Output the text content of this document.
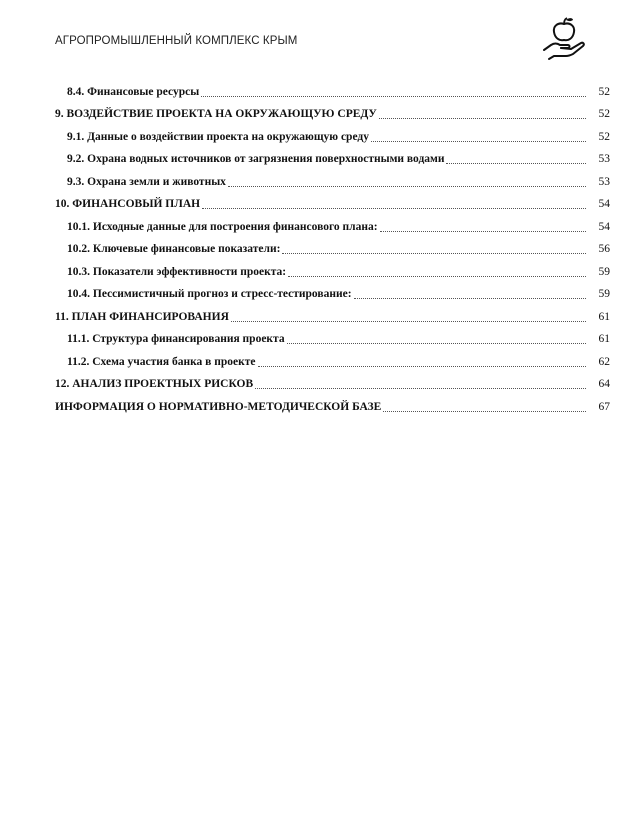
АГРОПРОМЫШЛЕННЫЙ КОМПЛЕКС КРЫМ
8.4. Финансовые ресурсы	52
9. ВОЗДЕЙСТВИЕ ПРОЕКТА НА ОКРУЖАЮЩУЮ СРЕДУ	52
9.1. Данные о воздействии проекта на окружающую среду	52
9.2. Охрана водных источников от загрязнения поверхностными водами	53
9.3. Охрана земли и животных	53
10. ФИНАНСОВЫЙ ПЛАН	54
10.1. Исходные данные для построения финансового плана:	54
10.2. Ключевые финансовые показатели:	56
10.3. Показатели эффективности проекта:	59
10.4. Пессимистичный прогноз и стресс-тестирование:	59
11. ПЛАН ФИНАНСИРОВАНИЯ	61
11.1. Структура финансирования проекта	61
11.2. Схема участия банка в проекте	62
12. АНАЛИЗ ПРОЕКТНЫХ РИСКОВ	64
ИНФОРМАЦИЯ О НОРМАТИВНО-МЕТОДИЧЕСКОЙ БАЗЕ	67
